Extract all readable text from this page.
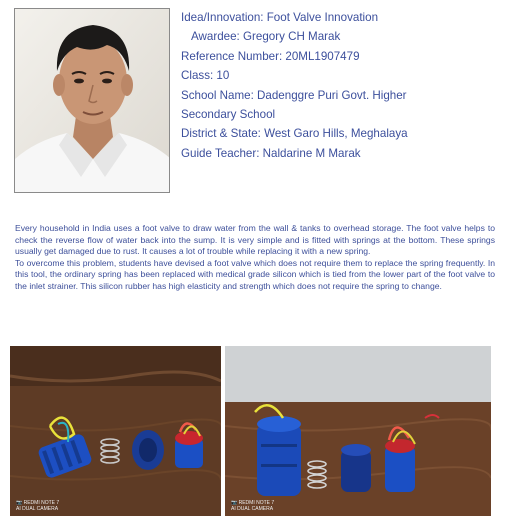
Idea/Innovation: Foot Valve Innovation
Awardee: Gregory CH Marak
Reference Number: 20ML1907479
Class: 10
School Name: Dadenggre Puri Govt. Higher
Secondary School
District & State: West Garo Hills, Meghalaya
Guide Teacher: Naldarine M Marak

Every household in India uses a foot valve to draw water from the wall & tanks to overhead storage. The foot valve helps to check the reverse flow of water back into the sump. It is very simple and is fitted with springs at the bottom. These springs usually get damaged due to rust. It causes a lot of trouble while replacing it with a new spring.

To overcome this problem, students have devised a foot valve which does not require them to replace the spring frequently. In this tool, the ordinary spring has been replaced with medical grade silicon which is tied from the lower part of the foot valve to the inlet strainer. This silicon rubber has high elasticity and strength which does not require the spring to change.

📷 REDMI NOTE 7
AI DUAL CAMERA
📷 REDMI NOTE 7
AI DUAL CAMERA
